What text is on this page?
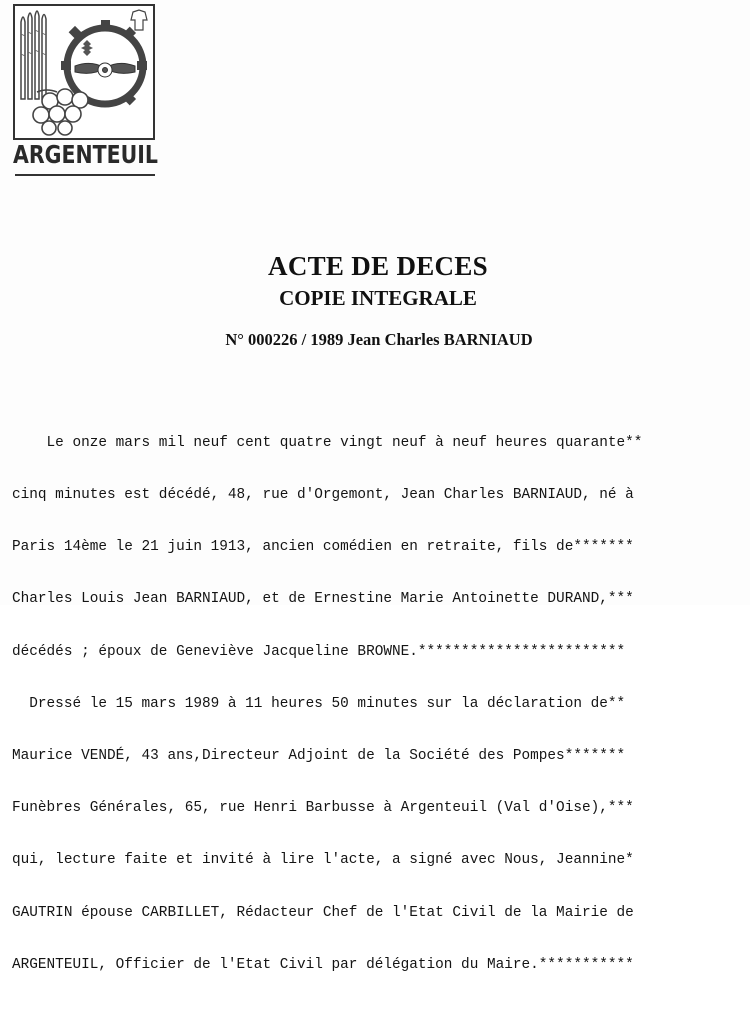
ARGENTEUIL
ACTE DE DECES
COPIE INTEGRALE
N° 000226 / 1989 Jean Charles BARNIAUD

Le onze mars mil neuf cent quatre vingt neuf à neuf heures quarante**

cinq minutes est décédé, 48, rue d'Orgemont, Jean Charles BARNIAUD, né à

Paris 14ème le 21 juin 1913, ancien comédien en retraite, fils de*******

Charles Louis Jean BARNIAUD, et de Ernestine Marie Antoinette DURAND,***

décédés ; époux de Geneviève Jacqueline BROWNE.************************

Dressé le 15 mars 1989 à 11 heures 50 minutes sur la déclaration de**

Maurice VENDÉ, 43 ans,Directeur Adjoint de la Société des Pompes*******

Funèbres Générales, 65, rue Henri Barbusse à Argenteuil (Val d'Oise),***

qui, lecture faite et invité à lire l'acte, a signé avec Nous, Jeannine*

GAUTRIN épouse CARBILLET, Rédacteur Chef de l'Etat Civil de la Mairie de

ARGENTEUIL, Officier de l'Etat Civil par délégation du Maire.***********
